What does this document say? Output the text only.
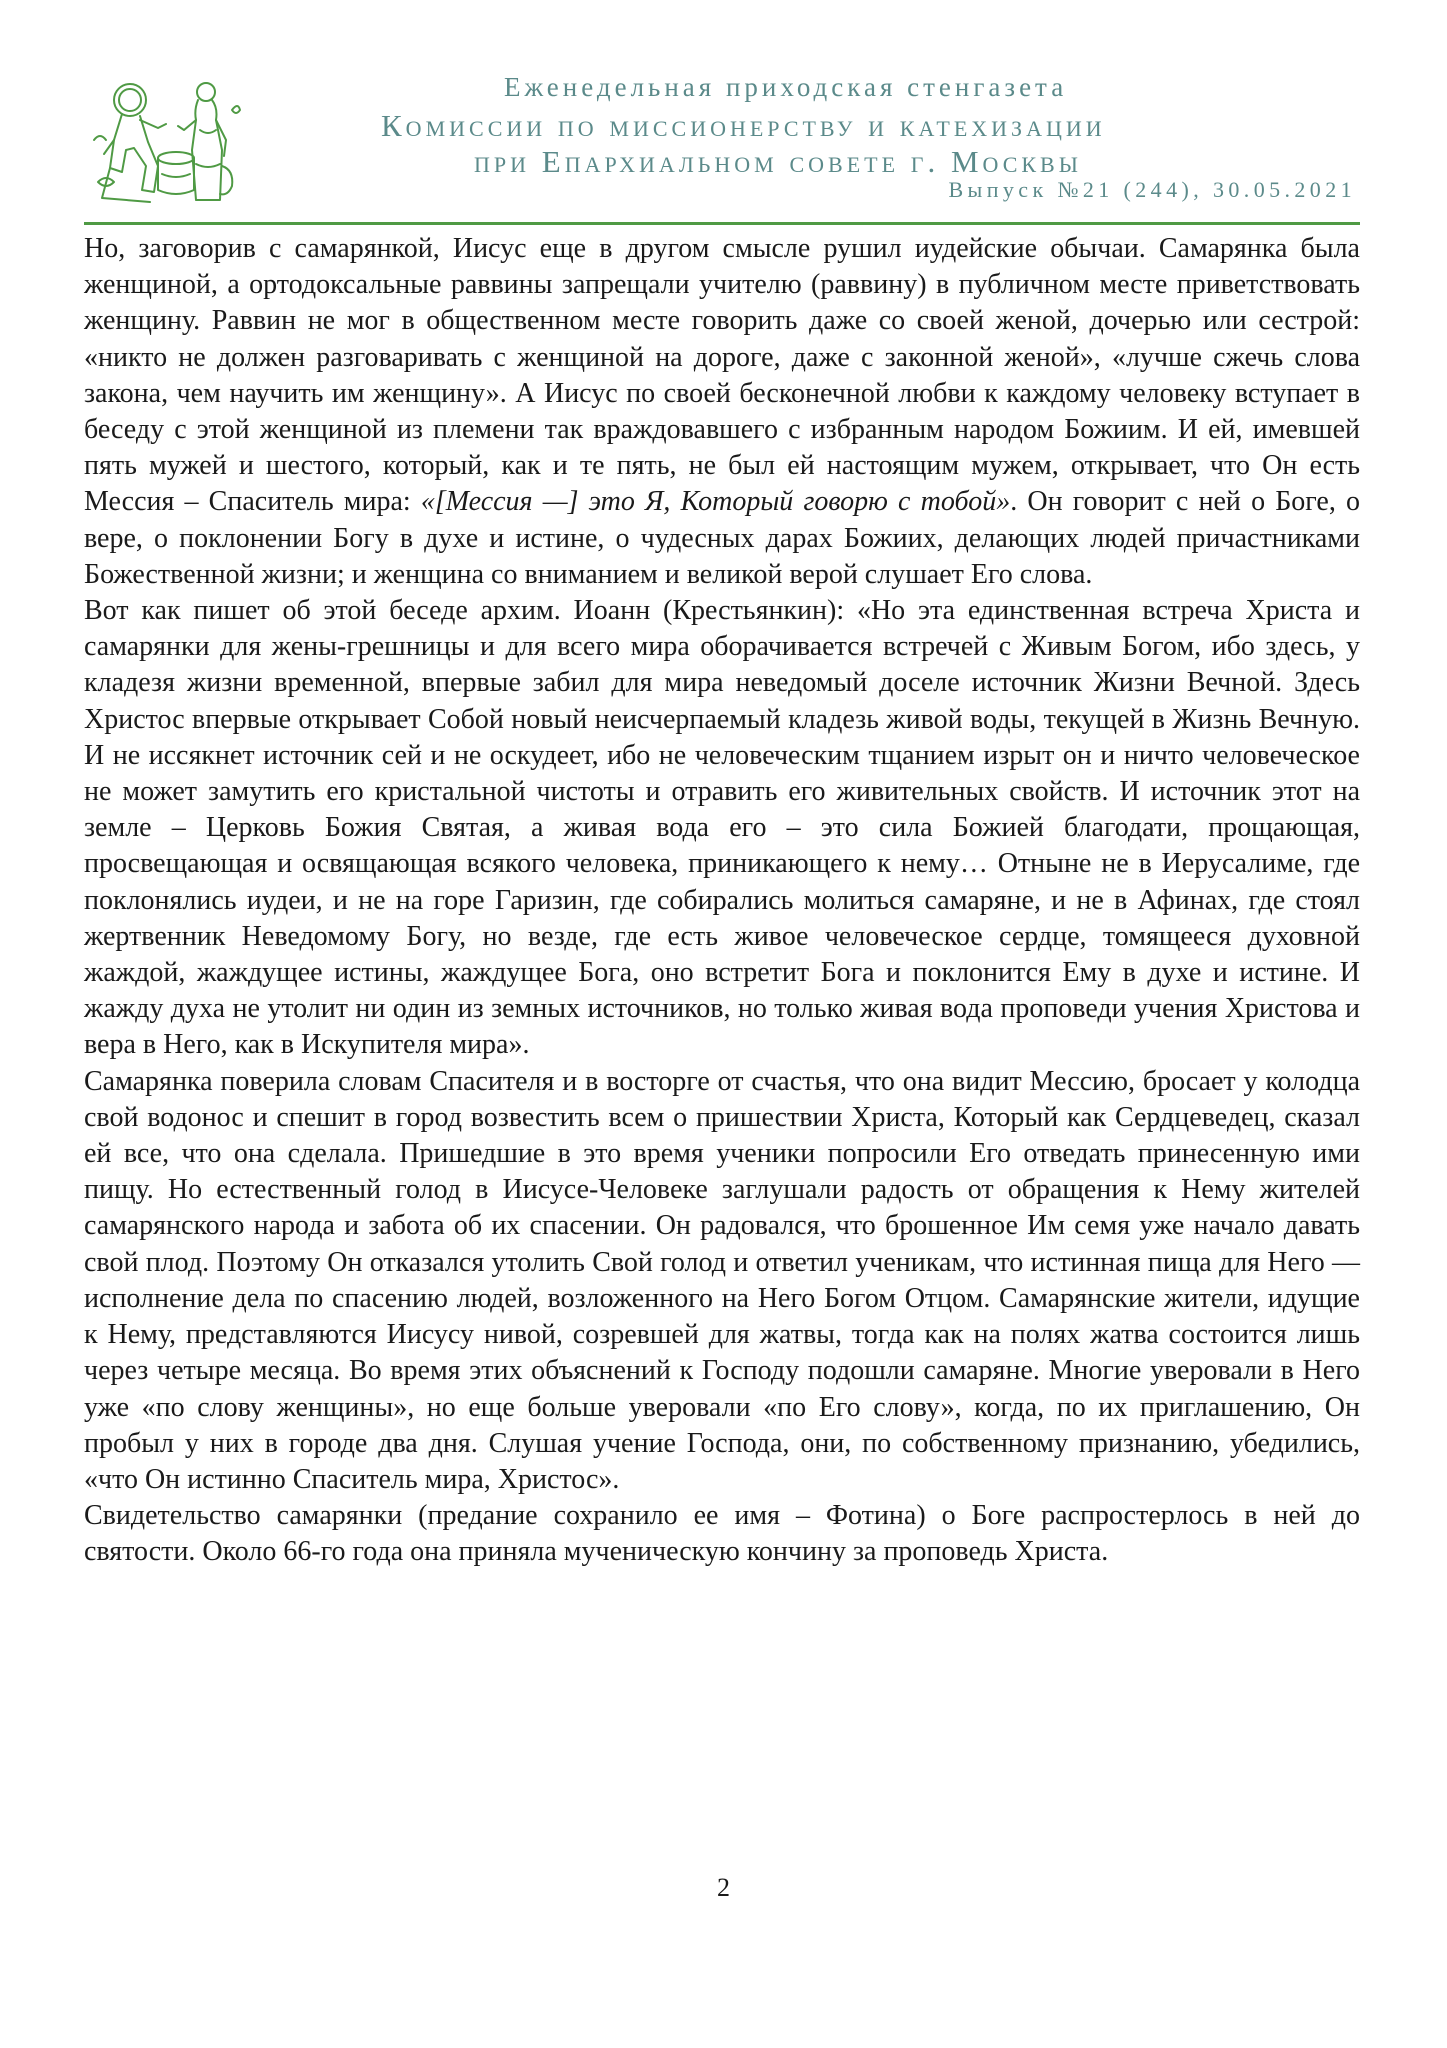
Еженедельная приходская стенгазета
Комиссии по миссионерству и катехизации
при Епархиальном совете г. Москвы
Выпуск №21 (244), 30.05.2021

Но, заговорив с самарянкой, Иисус еще в другом смысле рушил иудейские обычаи. Самарянка была женщиной, а ортодоксальные раввины запрещали учителю (раввину) в публичном месте приветствовать женщину. Раввин не мог в общественном месте говорить даже со своей женой, дочерью или сестрой: «никто не должен разговаривать с женщиной на дороге, даже с законной женой», «лучше сжечь слова закона, чем научить им женщину». А Иисус по своей бесконечной любви к каждому человеку вступает в беседу с этой женщиной из племени так враждовавшего с избранным народом Божиим. И ей, имевшей пять мужей и шестого, который, как и те пять, не был ей настоящим мужем, открывает, что Он есть Мессия – Спаситель мира: «[Мессия —] это Я, Который говорю с тобой». Он говорит с ней о Боге, о вере, о поклонении Богу в духе и истине, о чудесных дарах Божиих, делающих людей причастниками Божественной жизни; и женщина со вниманием и великой верой слушает Его слова.

Вот как пишет об этой беседе архим. Иоанн (Крестьянкин): «Но эта единственная встреча Христа и самарянки для жены-грешницы и для всего мира оборачивается встречей с Живым Богом, ибо здесь, у кладезя жизни временной, впервые забил для мира неведомый доселе источник Жизни Вечной. Здесь Христос впервые открывает Собой новый неисчерпаемый кладезь живой воды, текущей в Жизнь Вечную. И не иссякнет источник сей и не оскудеет, ибо не человеческим тщанием изрыт он и ничто человеческое не может замутить его кристальной чистоты и отравить его живительных свойств. И источник этот на земле – Церковь Божия Святая, а живая вода его – это сила Божией благодати, прощающая, просвещающая и освящающая всякого человека, приникающего к нему… Отныне не в Иерусалиме, где поклонялись иудеи, и не на горе Гаризин, где собирались молиться самаряне, и не в Афинах, где стоял жертвенник Неведомому Богу, но везде, где есть живое человеческое сердце, томящееся духовной жаждой, жаждущее истины, жаждущее Бога, оно встретит Бога и поклонится Ему в духе и истине. И жажду духа не утолит ни один из земных источников, но только живая вода проповеди учения Христова и вера в Него, как в Искупителя мира».

Самарянка поверила словам Спасителя и в восторге от счастья, что она видит Мессию, бросает у колодца свой водонос и спешит в город возвестить всем о пришествии Христа, Который как Сердцеведец, сказал ей все, что она сделала. Пришедшие в это время ученики попросили Его отведать принесенную ими пищу. Но естественный голод в Иисусе-Человеке заглушали радость от обращения к Нему жителей самарянского народа и забота об их спасении. Он радовался, что брошенное Им семя уже начало давать свой плод. Поэтому Он отказался утолить Свой голод и ответил ученикам, что истинная пища для Него — исполнение дела по спасению людей, возложенного на Него Богом Отцом. Самарянские жители, идущие к Нему, представляются Иисусу нивой, созревшей для жатвы, тогда как на полях жатва состоится лишь через четыре месяца. Во время этих объяснений к Господу подошли самаряне. Многие уверовали в Него уже «по слову женщины», но еще больше уверовали «по Его слову», когда, по их приглашению, Он пробыл у них в городе два дня. Слушая учение Господа, они, по собственному признанию, убедились, «что Он истинно Спаситель мира, Христос».

Свидетельство самарянки (предание сохранило ее имя – Фотина) о Боге распростерлось в ней до святости. Около 66-го года она приняла мученическую кончину за проповедь Христа.

2
